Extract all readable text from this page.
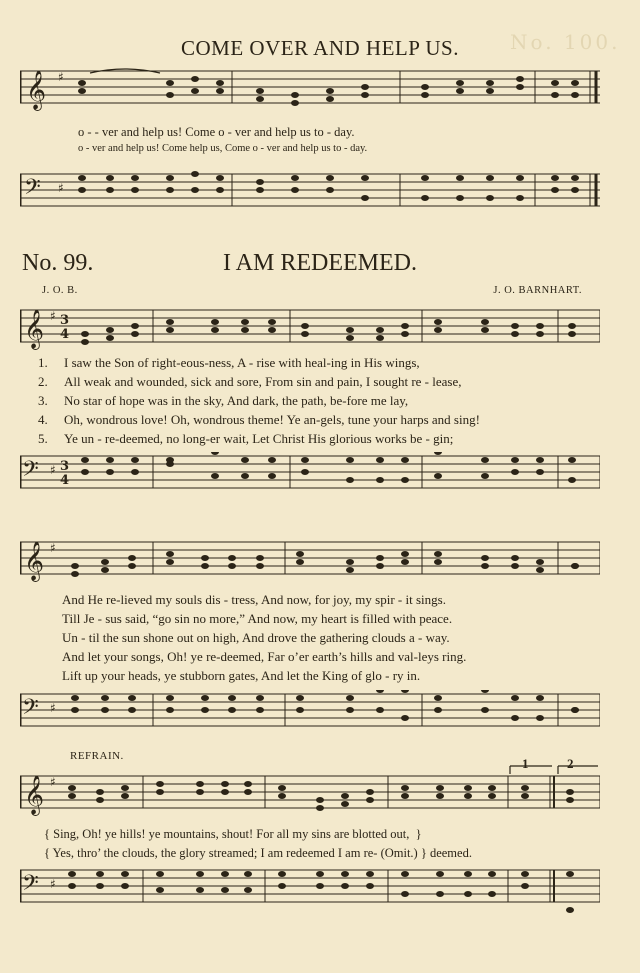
No. 100.
COME OVER AND HELP US.
𝄞 ♯
o - - ver and help us! Come o - ver and help us to - day.
o - ver and help us! Come help us, Come o - ver and help us to - day.
𝄢 ♯
No. 99.	I AM REDEEMED.
J. O. B.	J. O. BARNHART.
𝄞 ♯ 3
4
1. I saw the Son of right-eous-ness, A - rise with heal-ing in His wings,
2. All weak and wounded, sick and sore, From sin and pain, I sought re - lease,
3. No star of hope was in the sky, And dark, the path, be-fore me lay,
4. Oh, wondrous love! Oh, wondrous theme! Ye an-gels, tune your harps and sing!
5. Ye un - re-deemed, no long-er wait, Let Christ His glorious works be - gin;
𝄢 ♯ 3
4
𝄞 ♯
And He re-lieved my souls dis - tress, And now, for joy, my spir - it sings.
Till Je - sus said, “go sin no more,” And now, my heart is filled with peace.
Un - til the sun shone out on high, And drove the gathering clouds a - way.
And let your songs, Oh! ye re-deemed, Far o’er earth’s hills and val-leys ring.
Lift up your heads, ye stubborn gates, And let the King of glo - ry in.
𝄢 ♯
REFRAIN.	1	2
𝄞 ♯
{ Sing, Oh! ye hills! ye mountains, shout! For all my sins are blotted out,  }
{ Yes, thro’ the clouds, the glory streamed; I am redeemed I am re- (Omit.) } deemed.
𝄢 ♯
